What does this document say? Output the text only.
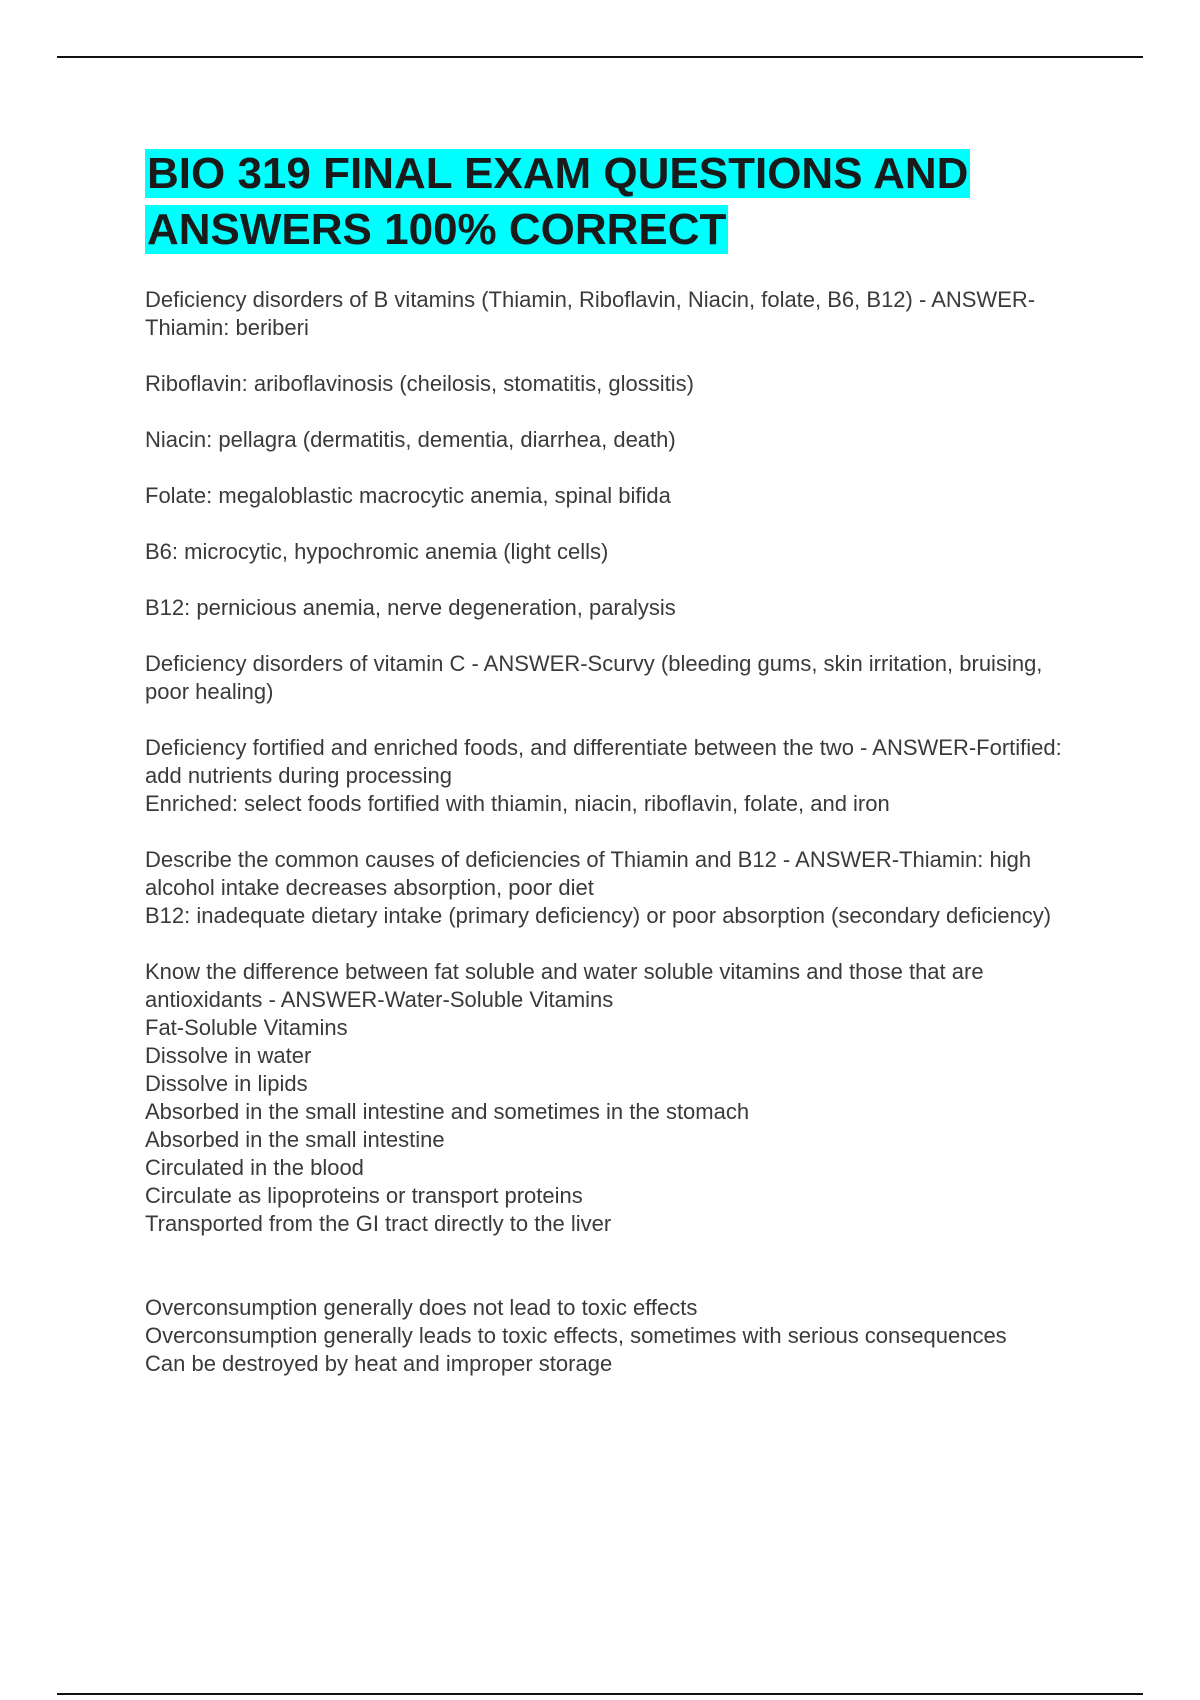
BIO 319 FINAL EXAM QUESTIONS AND ANSWERS 100% CORRECT
Deficiency disorders of B vitamins (Thiamin, Riboflavin, Niacin, folate, B6, B12) - ANSWER-Thiamin: beriberi
Riboflavin: ariboflavinosis (cheilosis, stomatitis, glossitis)
Niacin: pellagra (dermatitis, dementia, diarrhea, death)
Folate: megaloblastic macrocytic anemia, spinal bifida
B6: microcytic, hypochromic anemia (light cells)
B12: pernicious anemia, nerve degeneration, paralysis
Deficiency disorders of vitamin C - ANSWER-Scurvy (bleeding gums, skin irritation, bruising, poor healing)
Deficiency fortified and enriched foods, and differentiate between the two - ANSWER-Fortified: add nutrients during processing
Enriched: select foods fortified with thiamin, niacin, riboflavin, folate, and iron
Describe the common causes of deficiencies of Thiamin and B12 - ANSWER-Thiamin: high alcohol intake decreases absorption, poor diet
B12: inadequate dietary intake (primary deficiency) or poor absorption (secondary deficiency)
Know the difference between fat soluble and water soluble vitamins and those that are antioxidants - ANSWER-Water-Soluble Vitamins
Fat-Soluble Vitamins
Dissolve in water
Dissolve in lipids
Absorbed in the small intestine and sometimes in the stomach
Absorbed in the small intestine
Circulated in the blood
Circulate as lipoproteins or transport proteins
Transported from the GI tract directly to the liver
Overconsumption generally does not lead to toxic effects
Overconsumption generally leads to toxic effects, sometimes with serious consequences
Can be destroyed by heat and improper storage
